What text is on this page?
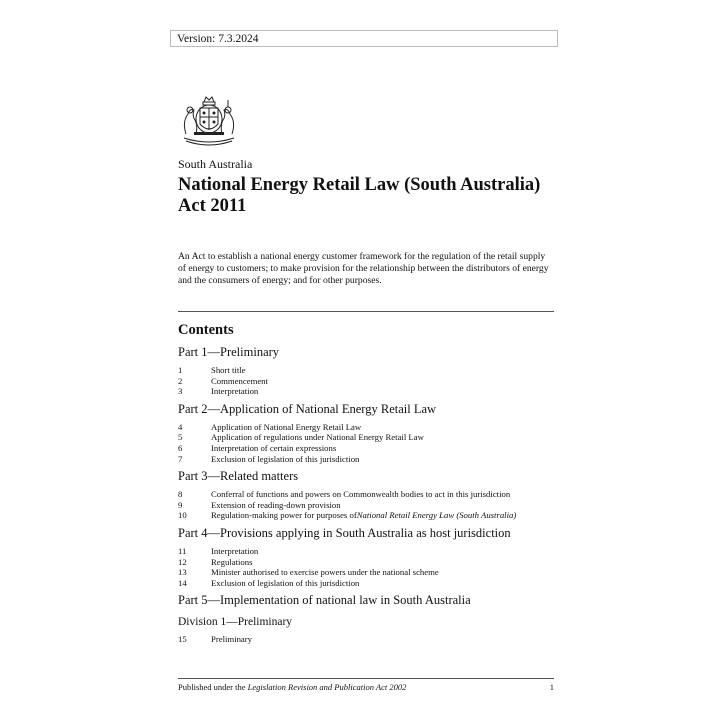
Version: 7.3.2024
South Australia
National Energy Retail Law (South Australia)
Act 2011

An Act to establish a national energy customer framework for the regulation of the retail supply of energy to customers; to make provision for the relationship between the distributors of energy and the consumers of energy; and for other purposes.

Contents
Part 1—Preliminary
1	Short title
2	Commencement
3	Interpretation
Part 2—Application of National Energy Retail Law
4	Application of National Energy Retail Law
5	Application of regulations under National Energy Retail Law
6	Interpretation of certain expressions
7	Exclusion of legislation of this jurisdiction
Part 3—Related matters
8	Conferral of functions and powers on Commonwealth bodies to act in this jurisdiction
9	Extension of reading-down provision
10	Regulation-making power for purposes of National Retail Energy Law (South Australia)
Part 4—Provisions applying in South Australia as host jurisdiction
11	Interpretation
12	Regulations
13	Minister authorised to exercise powers under the national scheme
14	Exclusion of legislation of this jurisdiction
Part 5—Implementation of national law in South Australia
Division 1—Preliminary
15	Preliminary
Published under the Legislation Revision and Publication Act 2002	1
